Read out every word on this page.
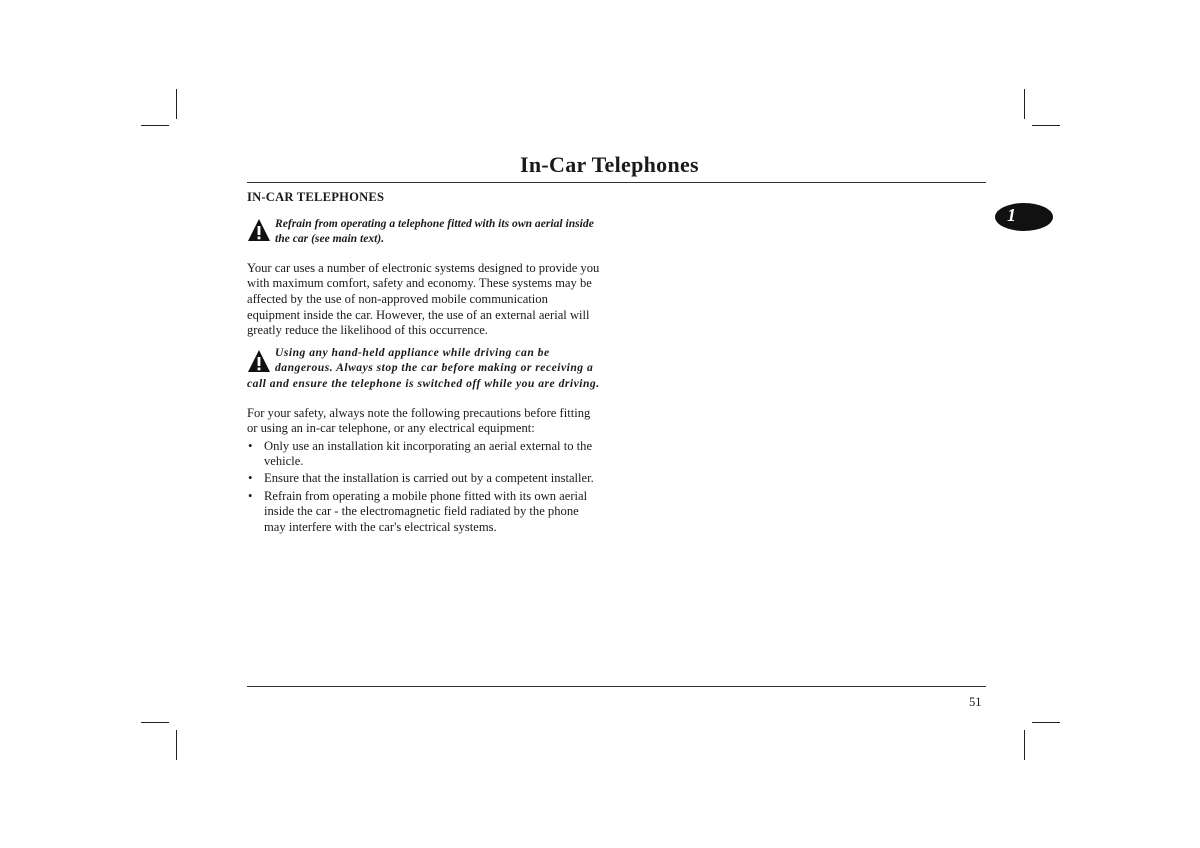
In-Car Telephones
1
IN-CAR TELEPHONES
Refrain from operating a telephone fitted with its own aerial inside the car (see main text).

Your car uses a number of electronic systems designed to provide you with maximum comfort, safety and economy. These systems may be affected by the use of non-approved mobile communication equipment inside the car. However, the use of an external aerial will greatly reduce the likelihood of this occurrence.

Using any hand-held appliance while driving can be dangerous. Always stop the car before making or receiving a call and ensure the telephone is switched off while you are driving.

For your safety, always note the following precautions before fitting or using an in-car telephone, or any electrical equipment:

• Only use an installation kit incorporating an aerial external to the vehicle.
• Ensure that the installation is carried out by a competent installer.
• Refrain from operating a mobile phone fitted with its own aerial inside the car - the electromagnetic field radiated by the phone may interfere with the car's electrical systems.
51
